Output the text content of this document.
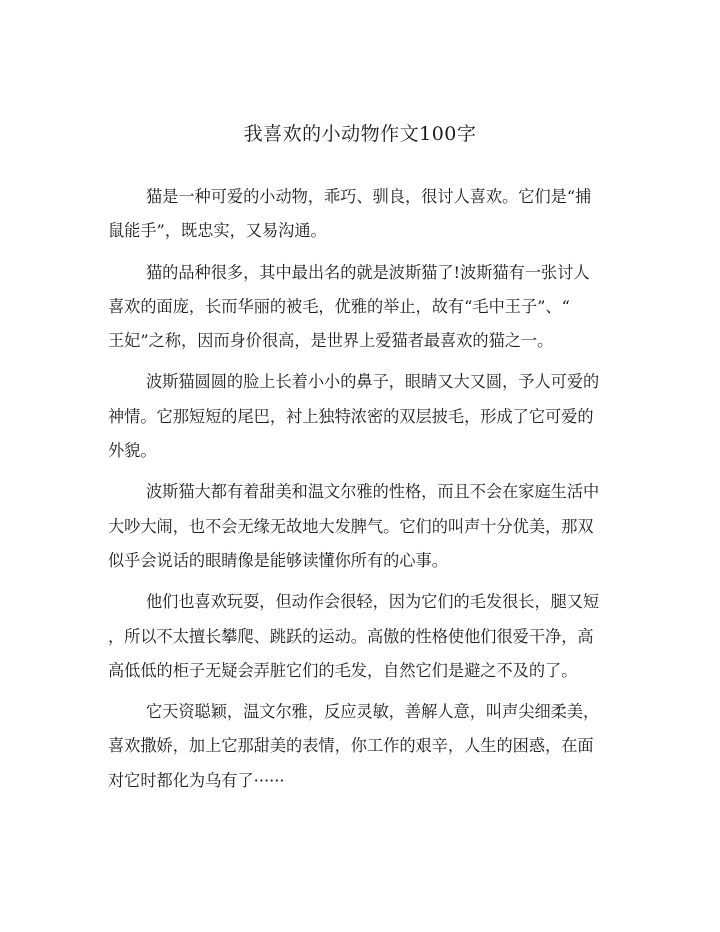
我喜欢的小动物作文100字

猫是一种可爱的小动物，乖巧、驯良，很讨人喜欢。它们是“捕
鼠能手”，既忠实，又易沟通。

猫的品种很多，其中最出名的就是波斯猫了!波斯猫有一张讨人
喜欢的面庞，长而华丽的被毛，优雅的举止，故有“毛中王子”、“
王妃”之称，因而身价很高，是世界上爱猫者最喜欢的猫之一。

波斯猫圆圆的脸上长着小小的鼻子，眼睛又大又圆，予人可爱的
神情。它那短短的尾巴，衬上独特浓密的双层披毛，形成了它可爱的
外貌。

波斯猫大都有着甜美和温文尔雅的性格，而且不会在家庭生活中
大吵大闹，也不会无缘无故地大发脾气。它们的叫声十分优美，那双
似乎会说话的眼睛像是能够读懂你所有的心事。

他们也喜欢玩耍，但动作会很轻，因为它们的毛发很长，腿又短
，所以不太擅长攀爬、跳跃的运动。高傲的性格使他们很爱干净，高
高低低的柜子无疑会弄脏它们的毛发，自然它们是避之不及的了。

它天资聪颖，温文尔雅，反应灵敏，善解人意，叫声尖细柔美，
喜欢撒娇，加上它那甜美的表情，你工作的艰辛，人生的困惑，在面
对它时都化为乌有了······
